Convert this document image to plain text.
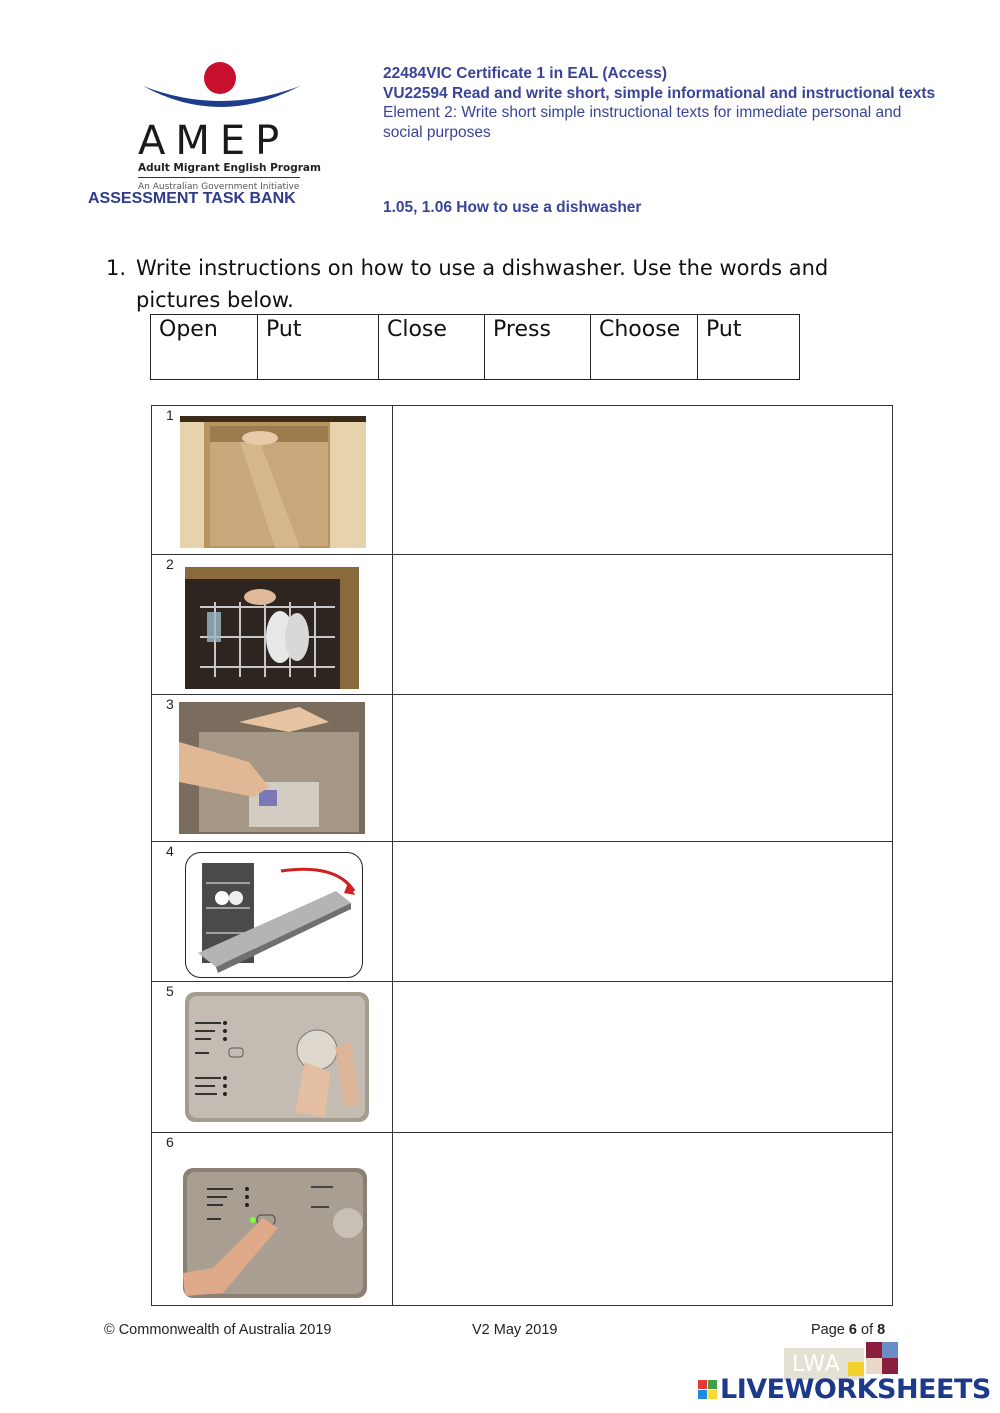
AMEP
Adult Migrant English Program
An Australian Government Initiative
ASSESSMENT TASK BANK
22484VIC Certificate 1 in EAL (Access)
VU22594 Read and write short, simple informational and instructional texts
Element 2: Write short simple instructional texts for immediate personal and social purposes
1.05, 1.06 How to use a dishwasher
1. Write instructions on how to use a dishwasher. Use the words and pictures below.
Open	Put	Close	Press	Choose	Put
1
2
3
4
5
6
© Commonwealth of Australia 2019	V2 May 2019	Page 6 of 8
LWA
LIVEWORKSHEETS
